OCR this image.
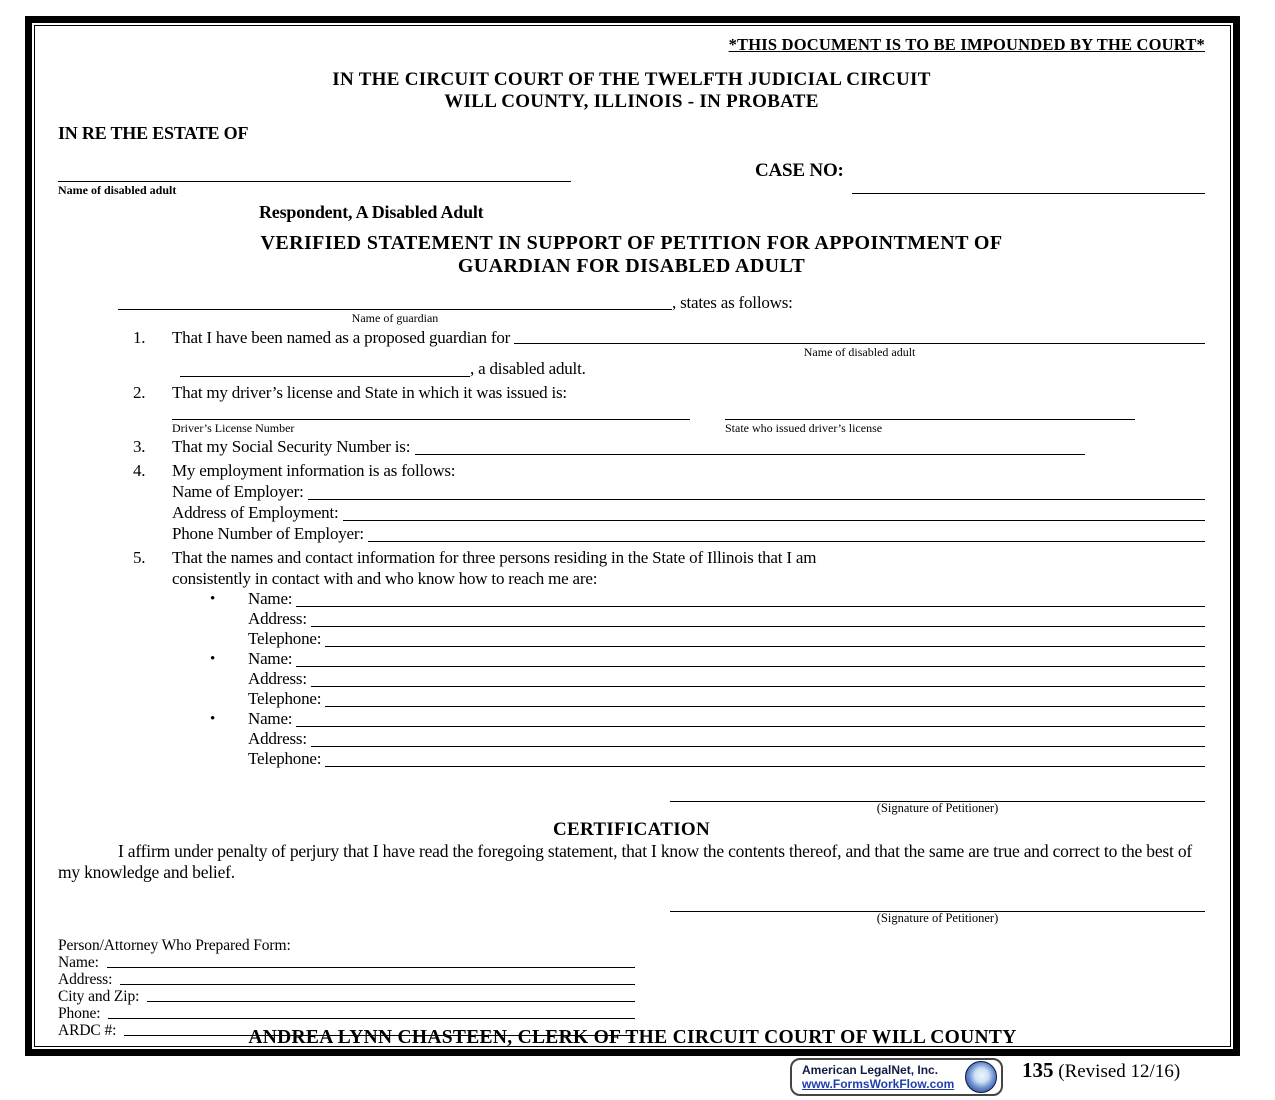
*THIS DOCUMENT IS TO BE IMPOUNDED BY THE COURT*
IN THE CIRCUIT COURT OF THE TWELFTH JUDICIAL CIRCUIT
WILL COUNTY, ILLINOIS - IN PROBATE
IN RE THE ESTATE OF
Name of disabled adult
CASE NO:
Respondent, A Disabled Adult
VERIFIED STATEMENT IN SUPPORT OF PETITION FOR APPOINTMENT OF
GUARDIAN FOR DISABLED ADULT
Name of guardian
, states as follows:
1.	That I have been named as a proposed guardian for
Name of disabled adult
, a disabled adult.
2.	That my driver’s license and State in which it was issued is:
Driver’s License Number	State who issued driver’s license
3.	That my Social Security Number is:
4.	My employment information is as follows:
Name of Employer:
Address of Employment:
Phone Number of Employer:
5.	That the names and contact information for three persons residing in the State of Illinois that I am
consistently in contact with and who know how to reach me are:
•	Name:
Address:
Telephone:
•	Name:
Address:
Telephone:
•	Name:
Address:
Telephone:
(Signature of Petitioner)
CERTIFICATION
I affirm under penalty of perjury that I have read the foregoing statement, that I know the contents thereof, and that the same are true and correct to the best of my knowledge and belief.
(Signature of Petitioner)
Person/Attorney Who Prepared Form:
Name:
Address:
City and Zip:
Phone:
ARDC #:	ANDREA LYNN CHASTEEN, CLERK OF THE CIRCUIT COURT OF WILL COUNTY
American LegalNet, Inc.
www.FormsWorkFlow.com
135 (Revised 12/16)
